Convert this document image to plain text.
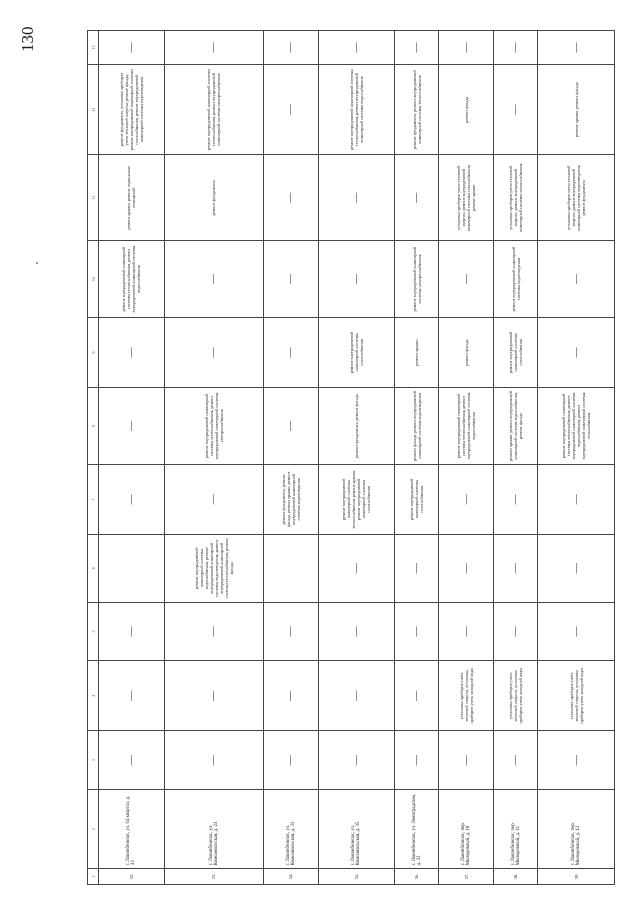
130
1	2	3	4	5	6	7	8	9	10	11	12	13
32.	г. Лакинбезопас, ул. 64 квартал, д. 33	—	—	—		—	—	—	ремонт внутридомовой инженерной системы теплоснабжения, ремонт внутридомовой инженерной системы водоснабжения	ремонт крыши, ремонт подвальных помещений	ремонт фундамента, установка приборов учета тепловой энергии, ремонт фасада, ремонт внутридомовой инженерной системы газоснабжения, ремонт внутридомовой инженерной системы водоотведения	—
33.	г. Лакинбезопас, ул. Комсомольская, д. 23	—	—	—	ремонт внутридомовой инженерной системы водоснабжения, ремонт внутридомовой инженерной системы водоотведения, ремонт внутридомовой инженерной системы теплоснабжения, ремонт фасада	—	ремонт внутридомовой инженерной системы теплоснабжения, ремонт внутридомовой инженерной системы электроснабжения	—	—	ремонт фундамента	ремонт внутридомовой инженерной системы теплоснабжения, ремонт внутридомовой инженерной системы электроснабжения	—
34.	г. Лакинбезопас, ул. Комсомольская, д. 31	—	—	—		ремонт фундамента, ремонт фасада, ремонт крыши, ремонт внутридомовой инженерной системы водоотведения	—	—	—	—	—	—
35.	г. Лакинбезопас, ул. Комсомольская, д. 35	—	—	—	—	ремонт внутридомовой инженерной системы теплоснабжения, ремонт крыши, ремонт внутридомовой инженерной системы газоснабжения	ремонт фундамента, ремонт фасада	ремонт внутридомовой инженерной системы газоснабжения	—	—	ремонт внутридомовой инженерной системы теплоснабжения, ремонт внутридомовой инженерной системы водоснабжения	—
36.	г. Лакинбезопас, ул. Лениградская, д. 33	—	—	—	—	ремонт внутридомовой инженерной системы газоснабжения	ремонт фасада, ремонт внутридомовой инженерной системы водоотведения	ремонт крыши	ремонт внутридомовой инженерной системы электроснабжения	—	ремонт фундамента, ремонт внутридомовой инженерной системы теплоснабжения	—
37.	г. Лакинбезопас, пер. Молодежный, д. 10	—	установка приборов учета тепловой энергии, установка приборов учета холодной воды	—	—	—	ремонт внутридомовой инженерной системы теплоснабжения, ремонт внутридомовой инженерной системы водоснабжения	ремонт фасада	—	установка приборов учета тепловой энергии, ремонт внутридомовой инженерной системы газоснабжения, ремонт крыши	ремонт фасада	—
38.	г. Лакинбезопас, пер. Молодежный, д. 11	—	установка приборов учета тепловой энергии, установка приборов учета холодной воды	—	—	—	ремонт крыши, ремонт внутридомовой инженерной системы водоснабжения, ремонт фасада	ремонт внутридомовой инженерной системы газоснабжения	ремонт внутридомовой инженерной системы водоотведения	установка приборов учета тепловой энергии, ремонт внутридомовой инженерной системы теплоснабжения	—	—
39.	г. Лакинбезопас, пер. Молодежный, д. 12	—	установка приборов учета тепловой энергии, установка приборов учета холодной воды	—	—	—	ремонт внутридомовой инженерной системы теплоснабжения, ремонт внутридомовой инженерной системы водоснабжения, ремонт внутридомовой инженерной системы газоснабжения	—	—	установка приборов учета тепловой энергии, ремонт внутридомовой инженерной системы водоотведения, ремонт фундамента	ремонт крыши, ремонт фасада	—
